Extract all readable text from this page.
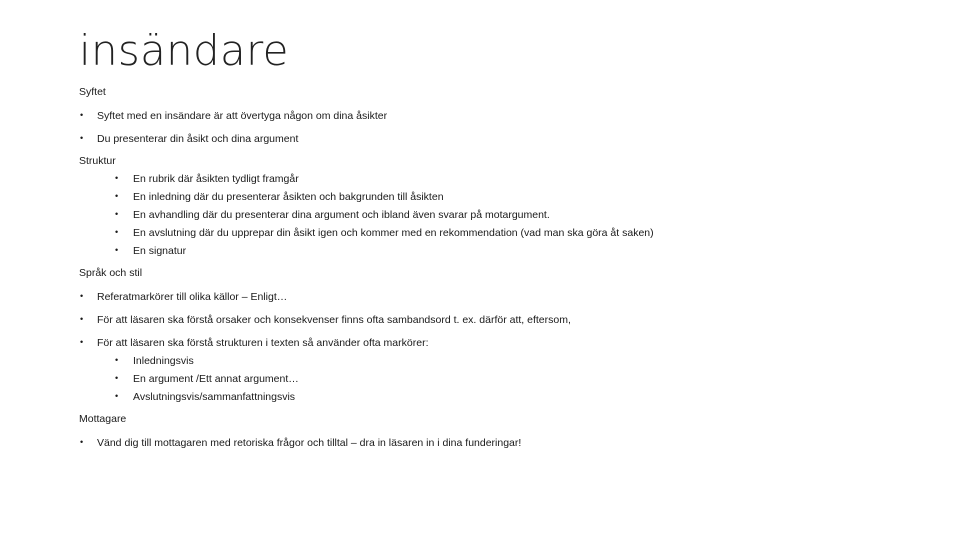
insändare
Syftet
• Syftet med en insändare är att övertyga någon om dina åsikter
• Du presenterar din åsikt och dina argument
Struktur
• En rubrik där åsikten tydligt framgår
• En inledning där du presenterar åsikten och bakgrunden till åsikten
• En avhandling där du presenterar dina argument och ibland även svarar på motargument.
• En avslutning där du upprepar din åsikt igen och kommer med en rekommendation (vad man ska göra åt saken)
• En signatur
Språk och stil
• Referatmarkörer till olika källor – Enligt…
• För att läsaren ska förstå orsaker och konsekvenser finns ofta sambandsord t. ex. därför att, eftersom,
• För att läsaren ska förstå strukturen i texten så använder ofta markörer:
• Inledningsvis
• En argument /Ett annat argument…
• Avslutningsvis/sammanfattningsvis
Mottagare
• Vänd dig till mottagaren med retoriska frågor och tilltal – dra in läsaren in i dina funderingar!
